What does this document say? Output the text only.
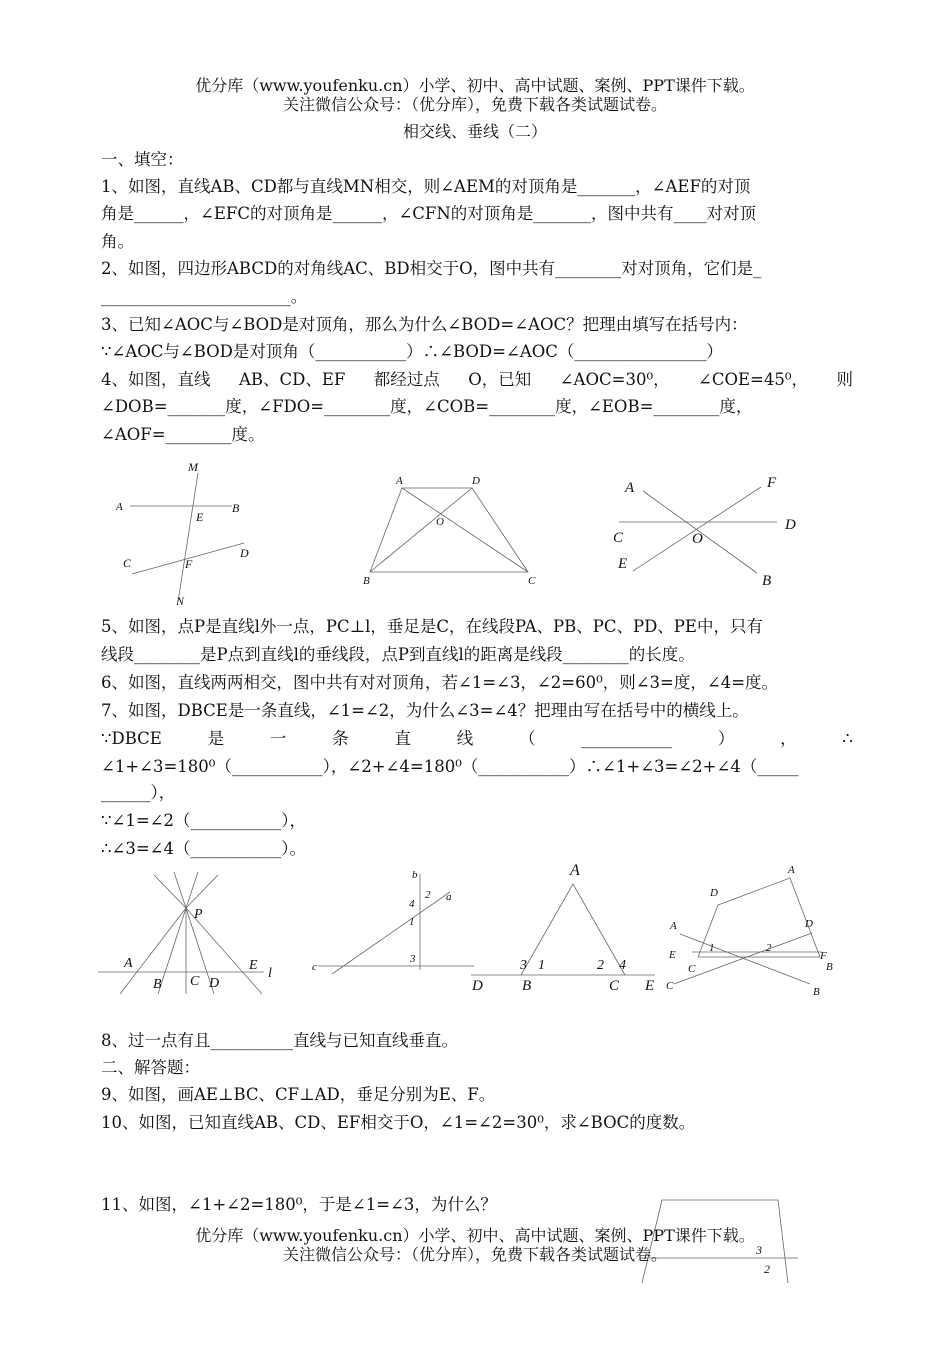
优分库（www.youfenku.cn）小学、初中、高中试题、案例、PPT课件下载。
关注微信公众号：（优分库），免费下载各类试题试卷。
相交线、垂线（二）
一、填空：
1、如图，直线AB、CD都与直线MN相交，则∠AEM的对顶角是_______，∠AEF的对顶
角是______，∠EFC的对顶角是______，∠CFN的对顶角是_______，图中共有____对对顶
角。
2、如图，四边形ABCD的对角线AC、BD相交于O，图中共有________对对顶角，它们是_
_______________________。
3、已知∠AOC与∠BOD是对顶角，那么为什么∠BOD=∠AOC？把理由填写在括号内：
∵∠AOC与∠BOD是对顶角（___________）∴∠BOD=∠AOC（________________）
4、如图，直线 AB、CD、EF 都经过点 O，已知 ∠AOC=30⁰， ∠COE=45⁰， 则
∠DOB=_______度，∠FDO=________度，∠COB=________度，∠EOB=________度，
∠AOF=________度。
M
A	B
E
C
D
F
N
A	D
O
B	C
A	F
D
C	O
E
B
5、如图，点P是直线l外一点，PC⊥l，垂足是C，在线段PA、PB、PC、PD、PE中，只有
线段________是P点到直线l的垂线段，点P到直线l的距离是线段________的长度。
6、如图，直线两两相交，图中共有对对顶角，若∠1=∠3，∠2=60⁰，则∠3=度，∠4=度。
7、如图，DBCE是一条直线，∠1=∠2，为什么∠3=∠4？把理由写在括号中的横线上。
∵DBCE	是	一	条	直	线	（	___________	）	，	∴
∠1+∠3=180⁰（___________），∠2+∠4=180⁰（___________）∴∠1+∠3=∠2+∠4（_____
______），
∵∠1=∠2（___________），
∴∠3=∠4（___________）。
P
A	E
l
B C D
b
a
2
4
1
3
c
A
3 1	2 4
D	B	C E
A
D
D
A
E
1	2
F
B
C
C	B
8、过一点有且__________直线与已知直线垂直。
二、解答题：
9、如图，画AE⊥BC、CF⊥AD，垂足分别为E、F。
10、如图，已知直线AB、CD、EF相交于O，∠1=∠2=30⁰，求∠BOC的度数。
11、如图，∠1+∠2=180⁰，于是∠1=∠3，为什么？
3
2
优分库（www.youfenku.cn）小学、初中、高中试题、案例、PPT课件下载。
关注微信公众号：（优分库），免费下载各类试题试卷。
